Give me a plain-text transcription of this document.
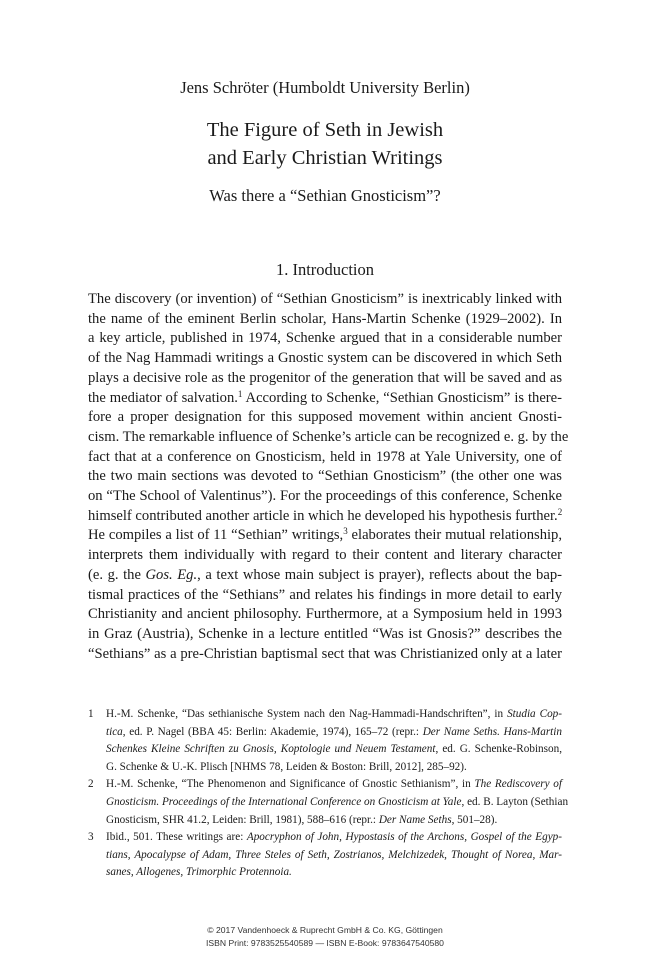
Jens Schröter (Humboldt University Berlin)
The Figure of Seth in Jewish
and Early Christian Writings
Was there a “Sethian Gnosticism”?
1. Introduction
The discovery (or invention) of “Sethian Gnosticism” is inextricably linked with
the name of the eminent Berlin scholar, Hans-Martin Schenke (1929–2002). In
a key article, published in 1974, Schenke argued that in a considerable number
of the Nag Hammadi writings a Gnostic system can be discovered in which Seth
plays a decisive role as the progenitor of the generation that will be saved and as
the mediator of salvation.$^1$ According to Schenke, “Sethian Gnosticism” is there-
fore a proper designation for this supposed movement within ancient Gnosti-
cism. The remarkable influence of Schenke’s article can be recognized e. g. by the
fact that at a conference on Gnosticism, held in 1978 at Yale University, one of
the two main sections was devoted to “Sethian Gnosticism” (the other one was
on “The School of Valentinus”). For the proceedings of this conference, Schenke
himself contributed another article in which he developed his hypothesis further.$^2$
He compiles a list of 11 “Sethian” writings,$^3$ elaborates their mutual relationship,
interprets them individually with regard to their content and literary character
(e. g. the Gos. Eg., a text whose main subject is prayer), reflects about the bap-
tismal practices of the “Sethians” and relates his findings in more detail to early
Christianity and ancient philosophy. Furthermore, at a Symposium held in 1993
in Graz (Austria), Schenke in a lecture entitled “Was ist Gnosis?” describes the
“Sethians” as a pre-Christian baptismal sect that was Christianized only at a later
1 H.-M. Schenke, “Das sethianische System nach den Nag-Hammadi-Handschriften”, in Studia Cop-
tica, ed. P. Nagel (BBA 45: Berlin: Akademie, 1974), 165–72 (repr.: Der Name Seths. Hans-Martin
Schenkes Kleine Schriften zu Gnosis, Koptologie und Neuem Testament, ed. G. Schenke-Robinson,
G. Schenke & U.-K. Plisch [NHMS 78, Leiden & Boston: Brill, 2012], 285–92).
2 H.-M. Schenke, “The Phenomenon and Significance of Gnostic Sethianism”, in The Rediscovery of
Gnosticism. Proceedings of the International Conference on Gnosticism at Yale, ed. B. Layton (Sethian
Gnosticism, SHR 41.2, Leiden: Brill, 1981), 588–616 (repr.: Der Name Seths, 501–28).
3 Ibid., 501. These writings are: Apocryphon of John, Hypostasis of the Archons, Gospel of the Egyp-
tians, Apocalypse of Adam, Three Steles of Seth, Zostrianos, Melchizedek, Thought of Norea, Mar-
sanes, Allogenes, Trimorphic Protennoia.
© 2017 Vandenhoeck & Ruprecht GmbH & Co. KG, Göttingen
ISBN Print: 9783525540589 — ISBN E-Book: 9783647540580
